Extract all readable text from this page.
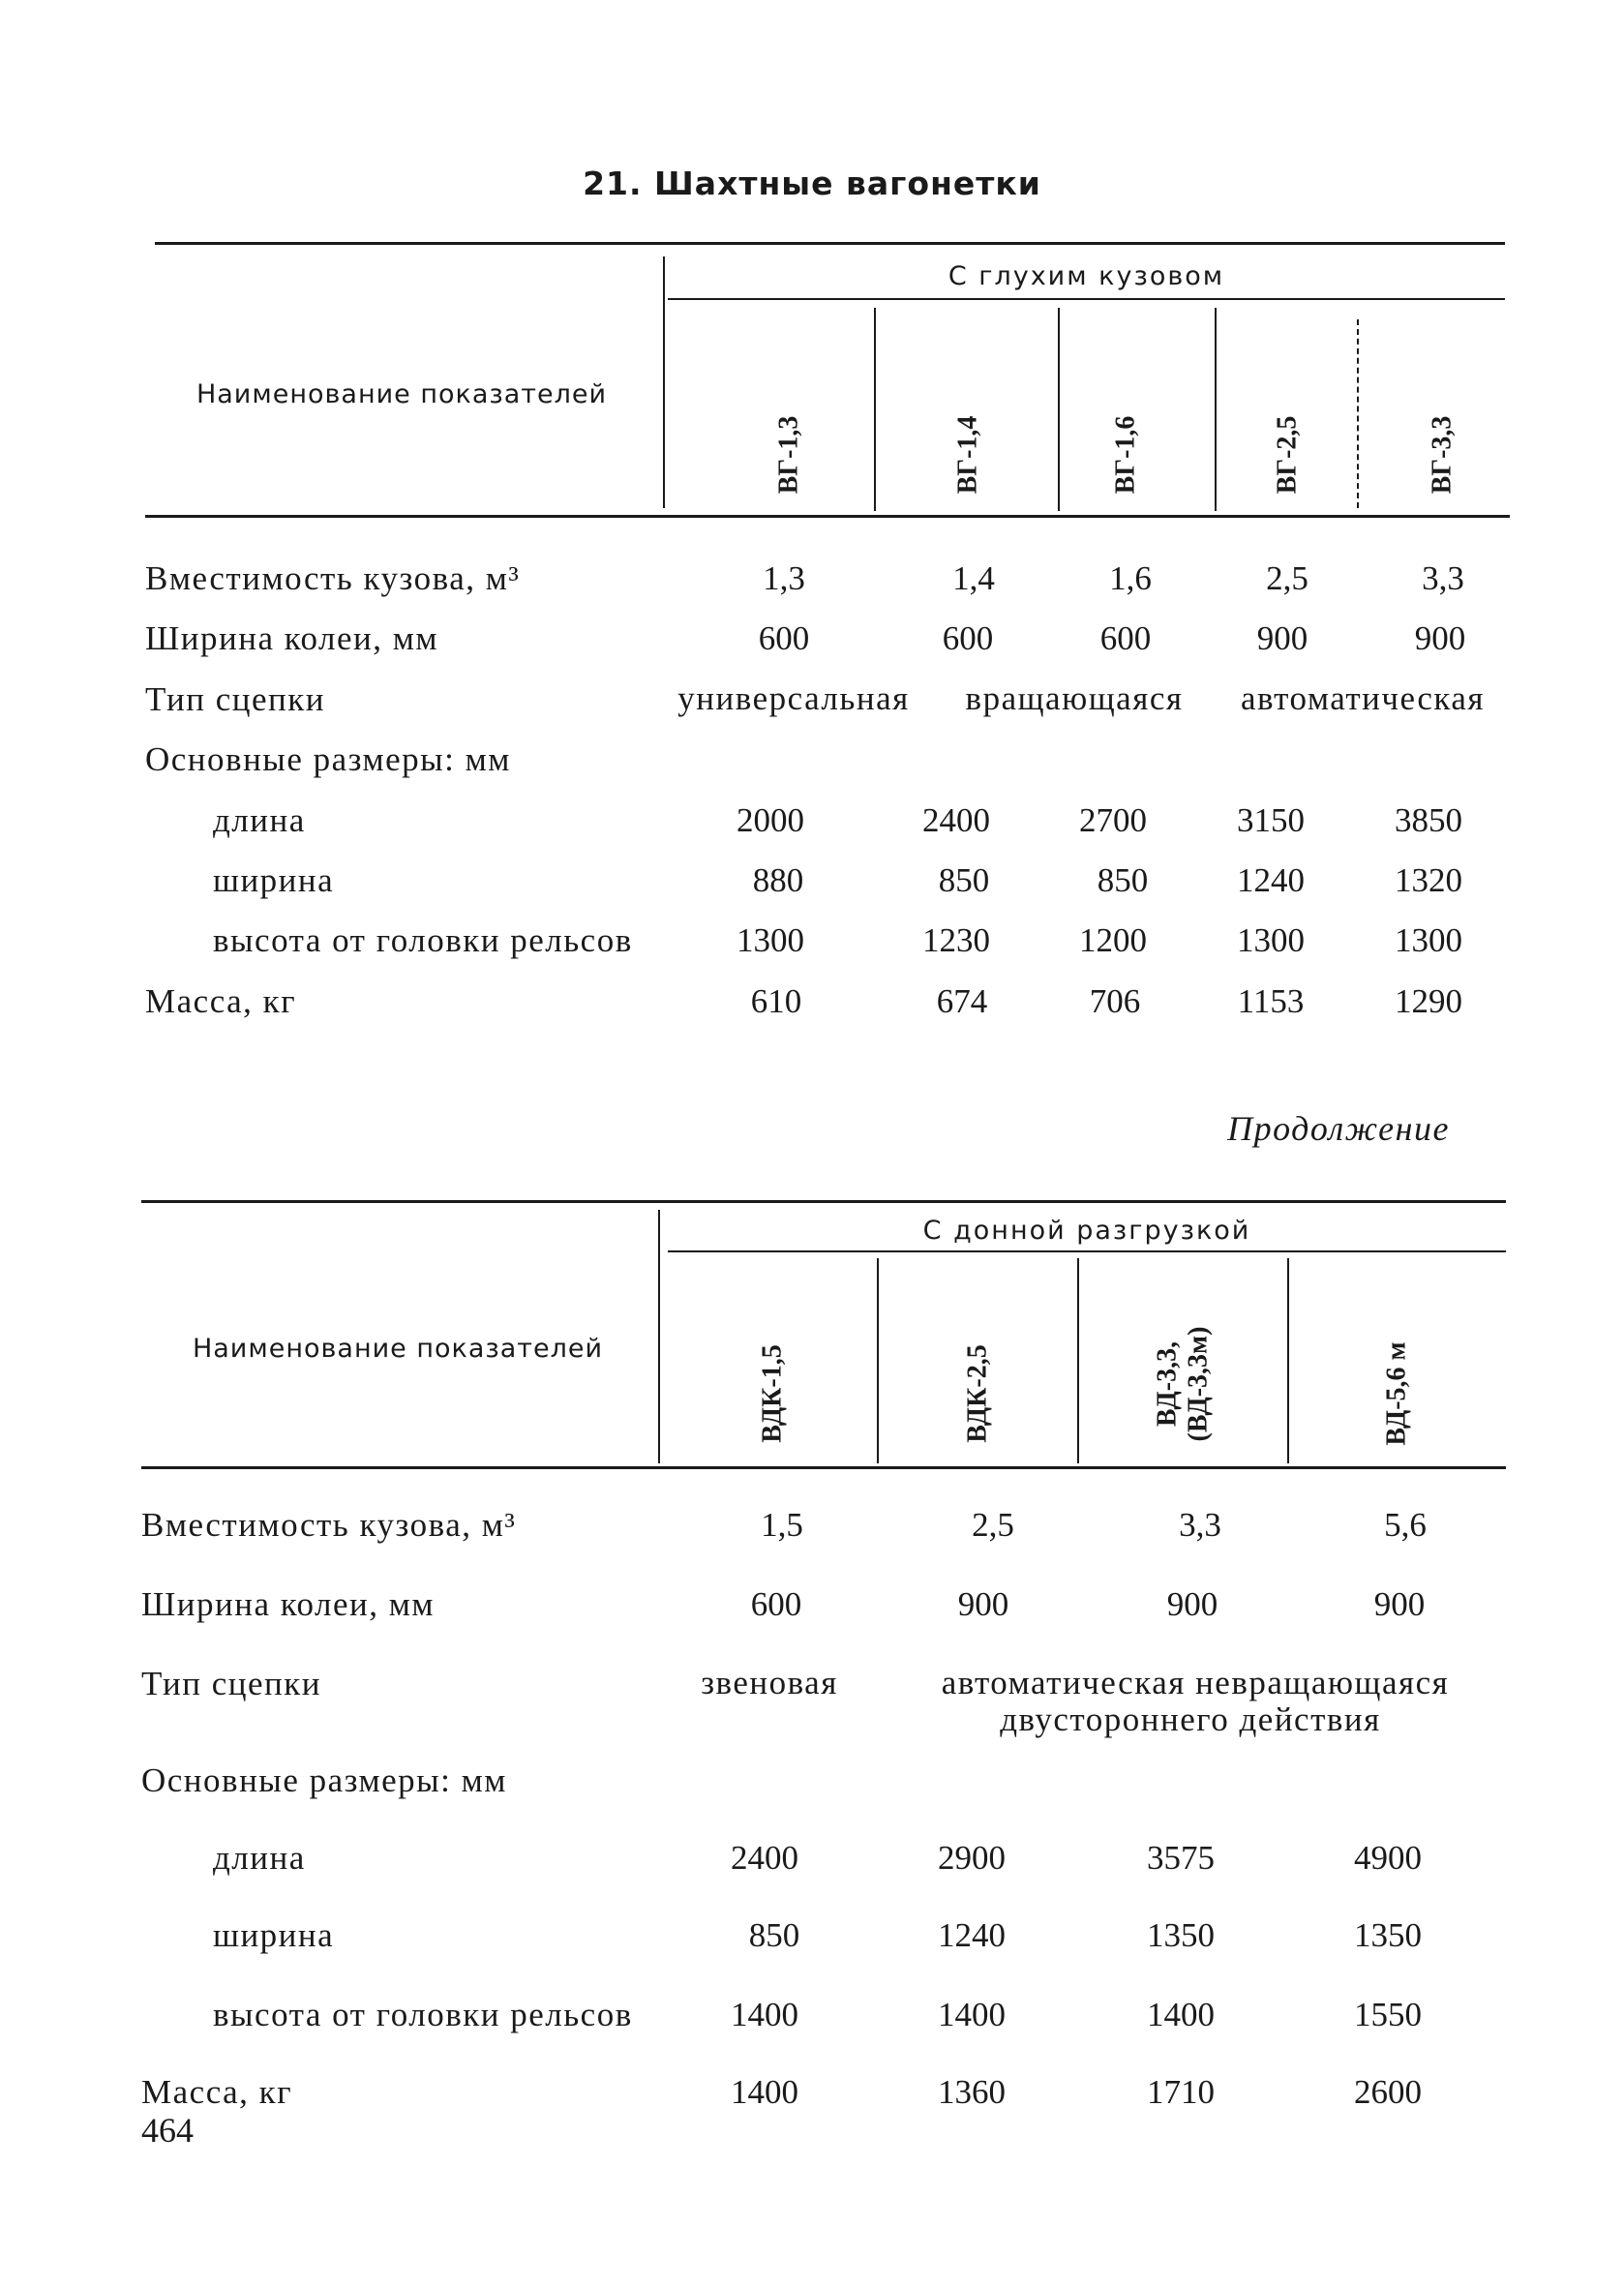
21. Шахтные вагонетки
Наименование показателей
С глухим кузовом
ВГ-1,3	ВГ-1,4	ВГ-1,6	ВГ-2,5	ВГ-3,3
Вместимость кузова, м³	1,3	1,4	1,6	2,5	3,3
Ширина колеи, мм	600	600	600	900	900
Тип сцепки	универсальная вращающаяся автоматическая
Основные размеры: мм
длина	2000	2400	2700	3150	3850
ширина	880	850	850	1240	1320
высота от головки рельсов	1300	1230	1200	1300	1300
Масса, кг	610	674	706	1153	1290
Продолжение
Наименование показателей
С донной разгрузкой
ВДК-1,5	ВДК-2,5	ВД-3,3, (ВД-3,3м)	ВД-5,6 м
Вместимость кузова, м³	1,5	2,5	3,3	5,6
Ширина колеи, мм	600	900	900	900
Тип сцепки	звеновая	автоматическая невращающаяся
двустороннего действия
Основные размеры: мм
длина	2400	2900	3575	4900
ширина	850	1240	1350	1350
высота от головки рельсов	1400	1400	1400	1550
Масса, кг	1400	1360	1710	2600
464
